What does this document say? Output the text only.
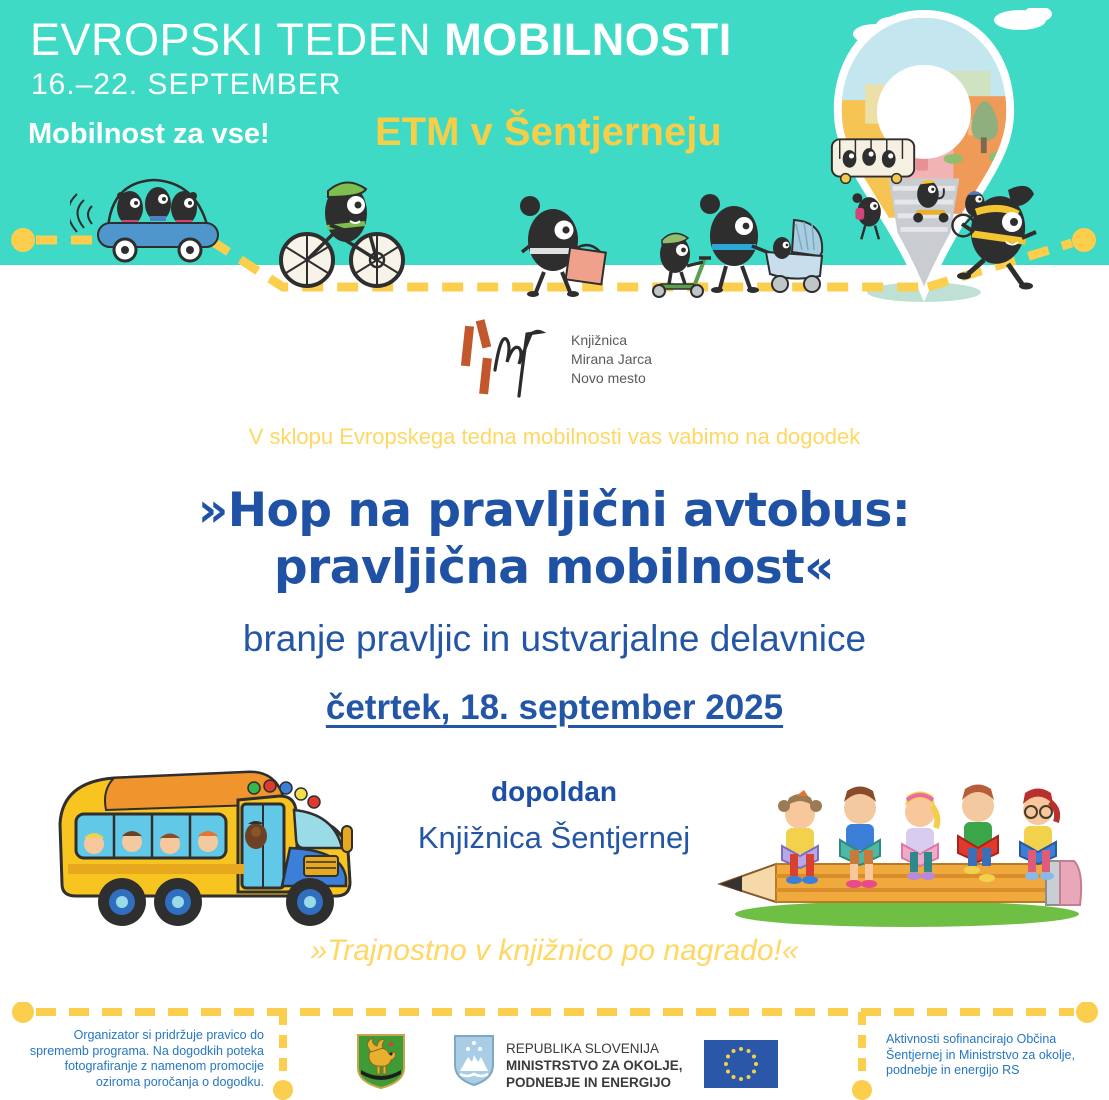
EVROPSKI TEDEN MOBILNOSTI
16.–22. SEPTEMBER
Mobilnost za vse!	ETM v Šentjerneju
Knjižnica
Mirana Jarca
Novo mesto
V sklopu Evropskega tedna mobilnosti vas vabimo na dogodek
»Hop na pravljični avtobus: pravljična mobilnost«
branje pravljic in ustvarjalne delavnice
četrtek, 18. september 2025
dopoldan
Knjižnica Šentjernej
»Trajnostno v knjižnico po nagrado!«
Organizator si pridržuje pravico do sprememb programa. Na dogodkih poteka fotografiranje z namenom promocije oziroma poročanja o dogodku.
REPUBLIKA SLOVENIJA
MINISTRSTVO ZA OKOLJE,
PODNEBJE IN ENERGIJO
Aktivnosti sofinancirajo Občina Šentjernej in Ministrstvo za okolje, podnebje in energijo RS
